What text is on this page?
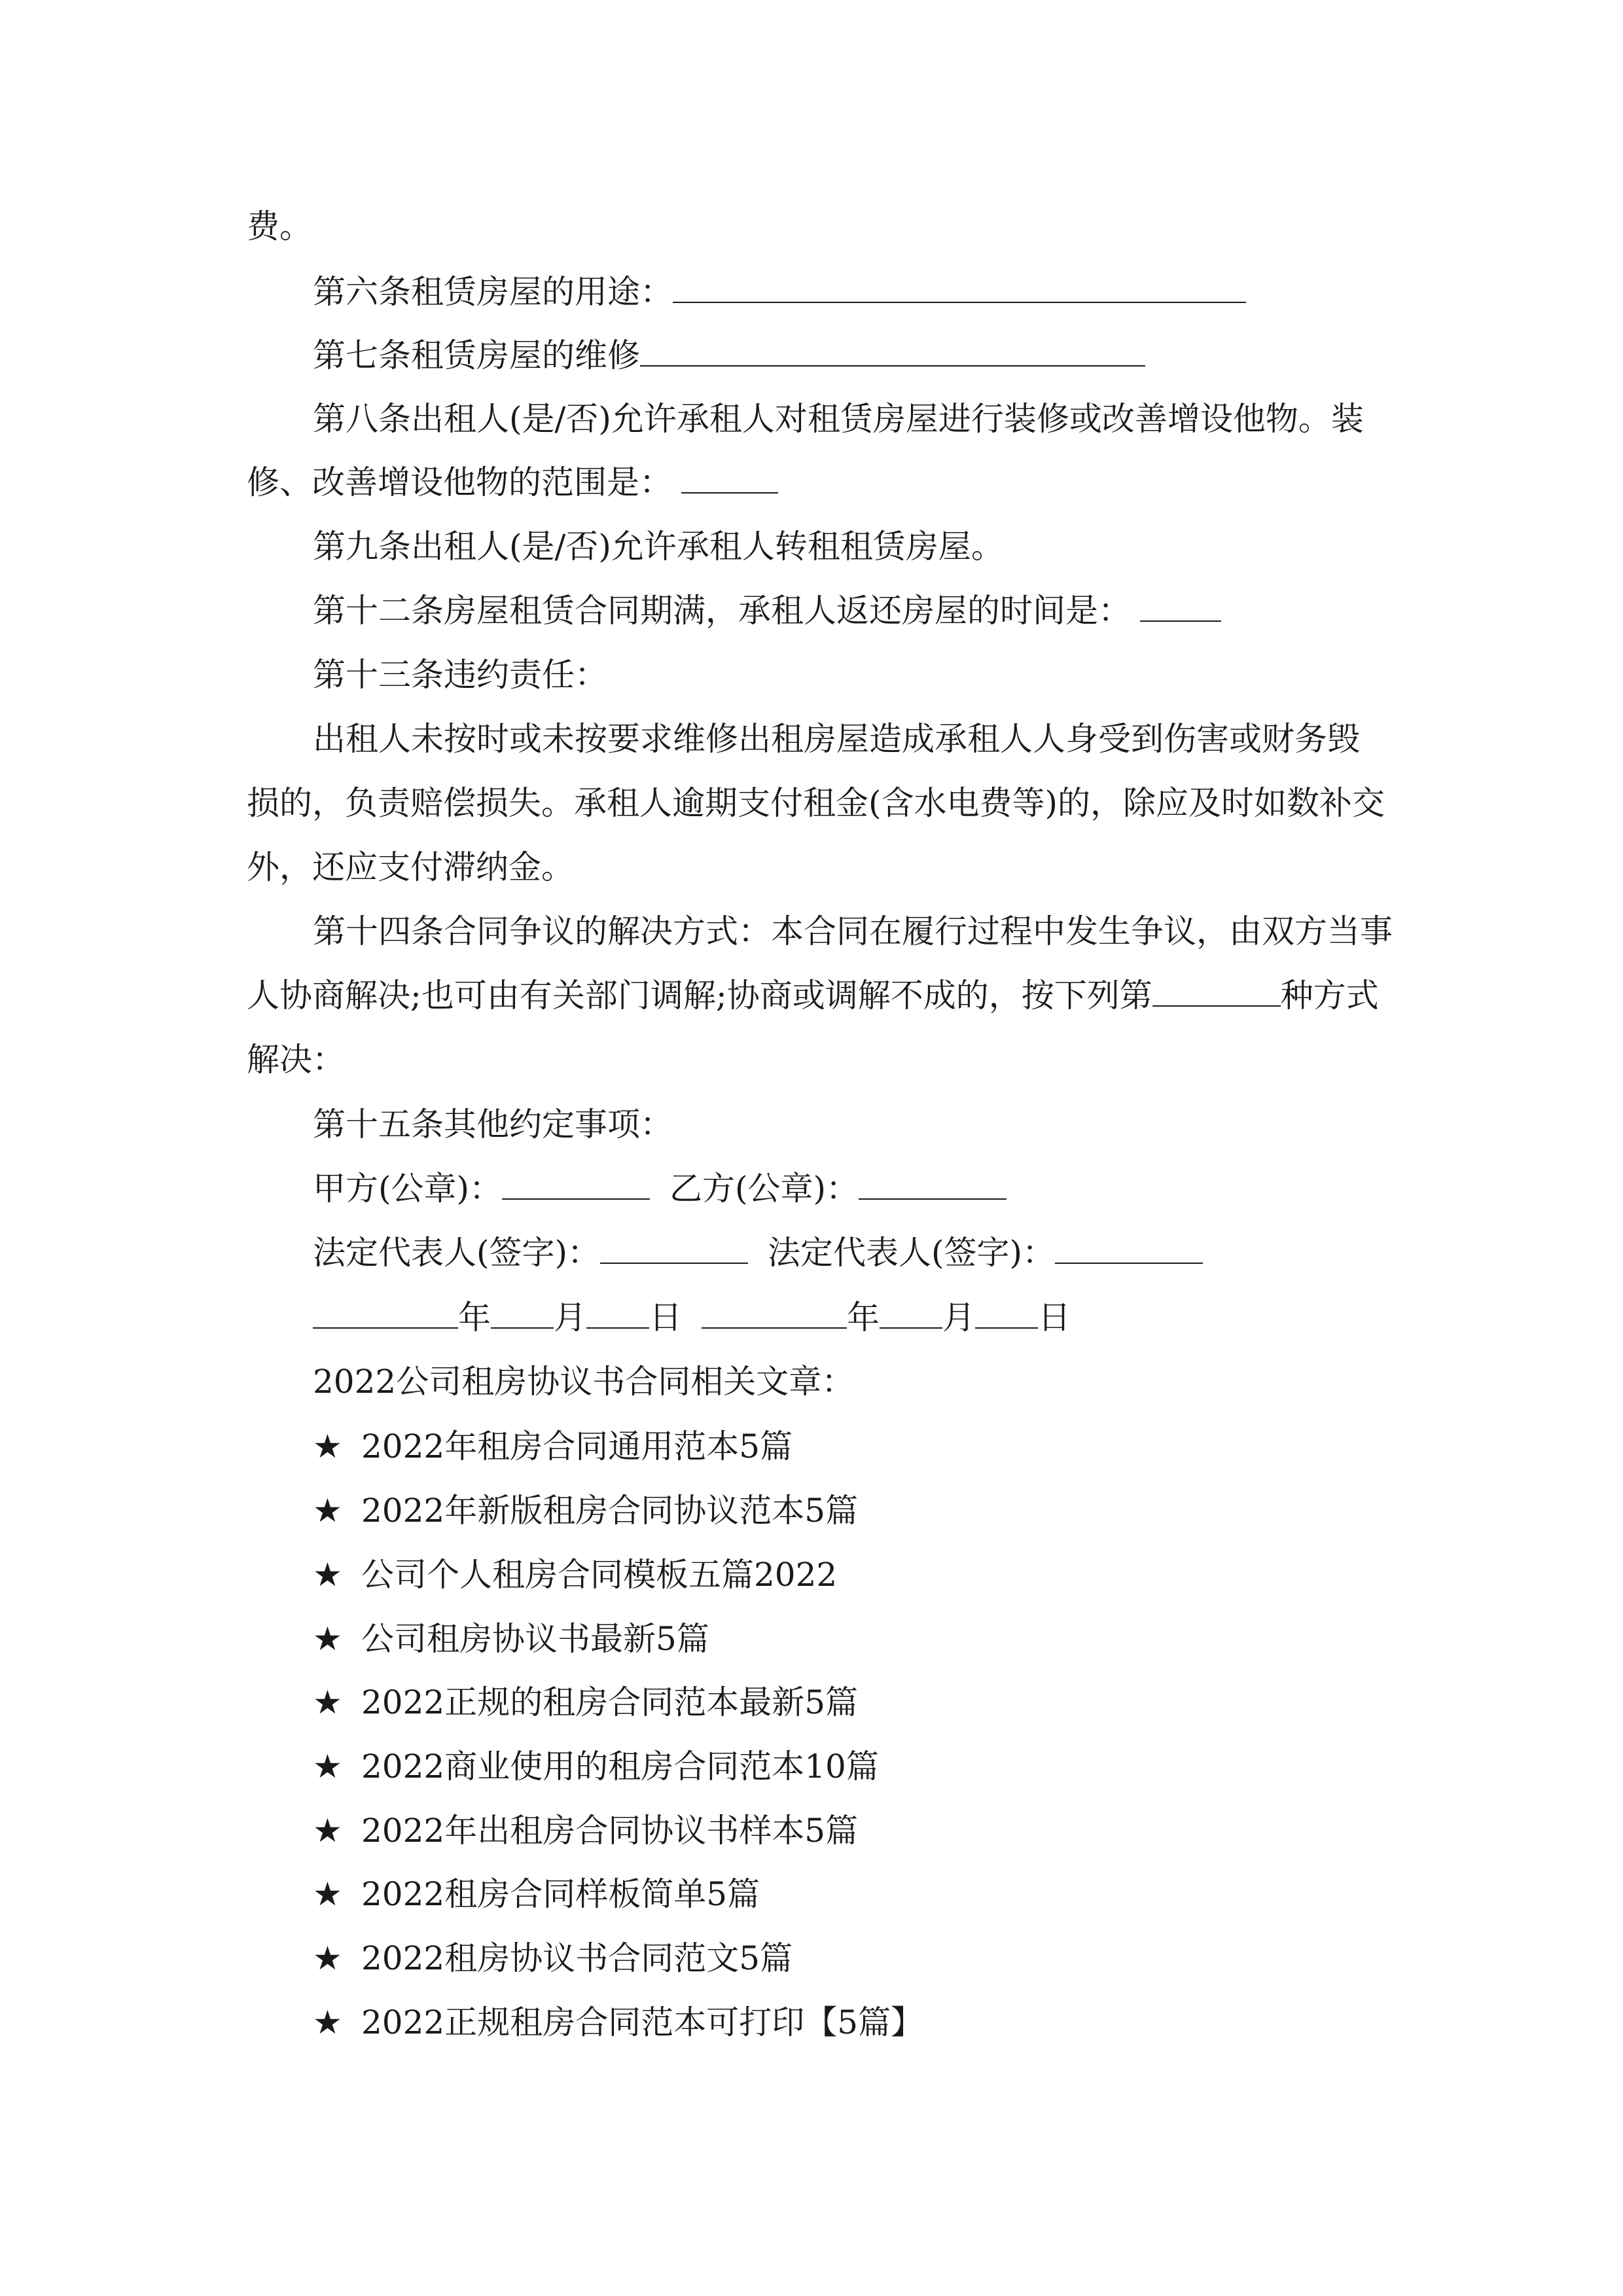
费。
第六条租赁房屋的用途：
第七条租赁房屋的维修
第八条出租人(是/否)允许承租人对租赁房屋进行装修或改善增设他物。装
修、改善增设他物的范围是：
第九条出租人(是/否)允许承租人转租租赁房屋。
第十二条房屋租赁合同期满，承租人返还房屋的时间是：
第十三条违约责任：
出租人未按时或未按要求维修出租房屋造成承租人人身受到伤害或财务毁
损的，负责赔偿损失。承租人逾期支付租金(含水电费等)的，除应及时如数补交
外，还应支付滞纳金。
第十四条合同争议的解决方式：本合同在履行过程中发生争议，由双方当事
人协商解决;也可由有关部门调解;协商或调解不成的，按下列第	种方式
解决：
第十五条其他约定事项：
甲方(公章)：	乙方(公章)：
法定代表人(签字)：	法定代表人(签字)：
年 月 日	年 月 日
2022公司租房协议书合同相关文章：
★ 2022年租房合同通用范本5篇
★ 2022年新版租房合同协议范本5篇
★ 公司个人租房合同模板五篇2022
★ 公司租房协议书最新5篇
★ 2022正规的租房合同范本最新5篇
★ 2022商业使用的租房合同范本10篇
★ 2022年出租房合同协议书样本5篇
★ 2022租房合同样板简单5篇
★ 2022租房协议书合同范文5篇
★ 2022正规租房合同范本可打印【5篇】
